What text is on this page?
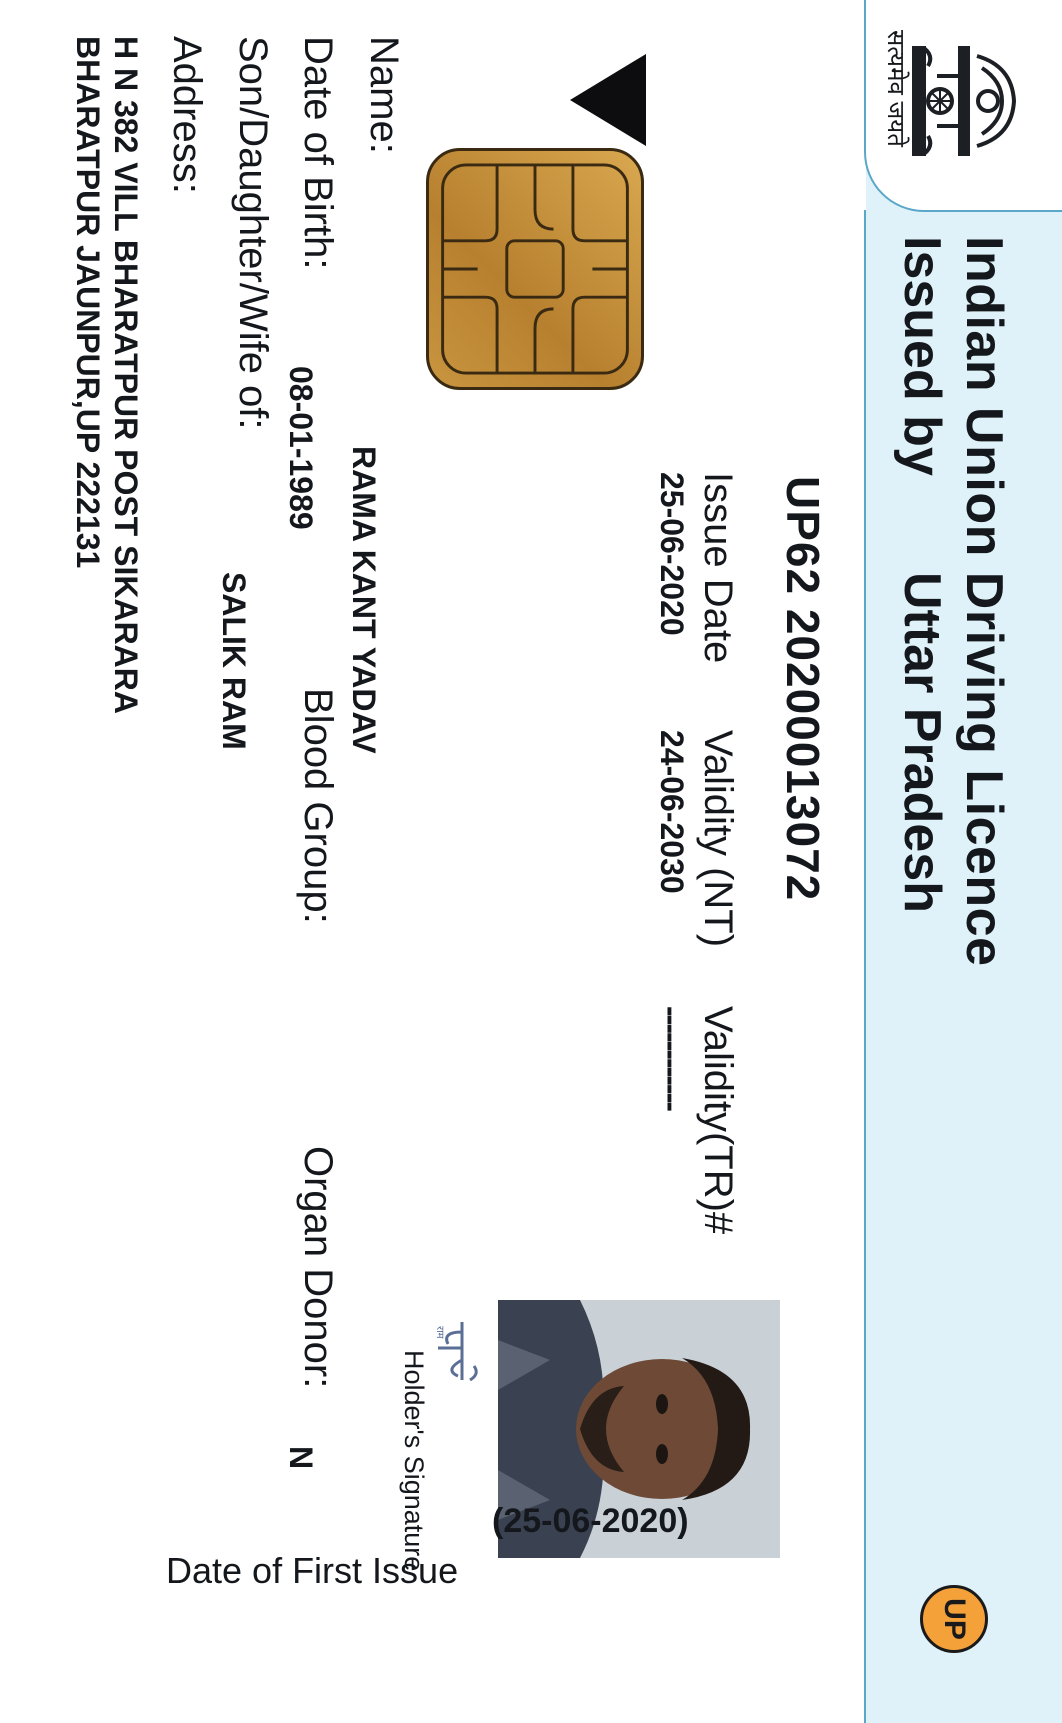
सत्यमेव जयते
Indian Union Driving Licence
Issued by
Uttar Pradesh
UP
UP62 20200013072
Issue Date
25-06-2020
Validity (NT)
24-06-2030
Validity(TR)#
------------
राम
Holder's Signature
Name:
RAMA KANT YADAV
Date of Birth:
08-01-1989
Blood Group:
Organ Donor:
N
Son/Daughter/Wife of:
SALIK RAM
Address:
H N 382 VILL BHARATPUR POST SIKARARA
BHARATPUR JAUNPUR,UP 222131
Date of First Issue
(25-06-2020)
